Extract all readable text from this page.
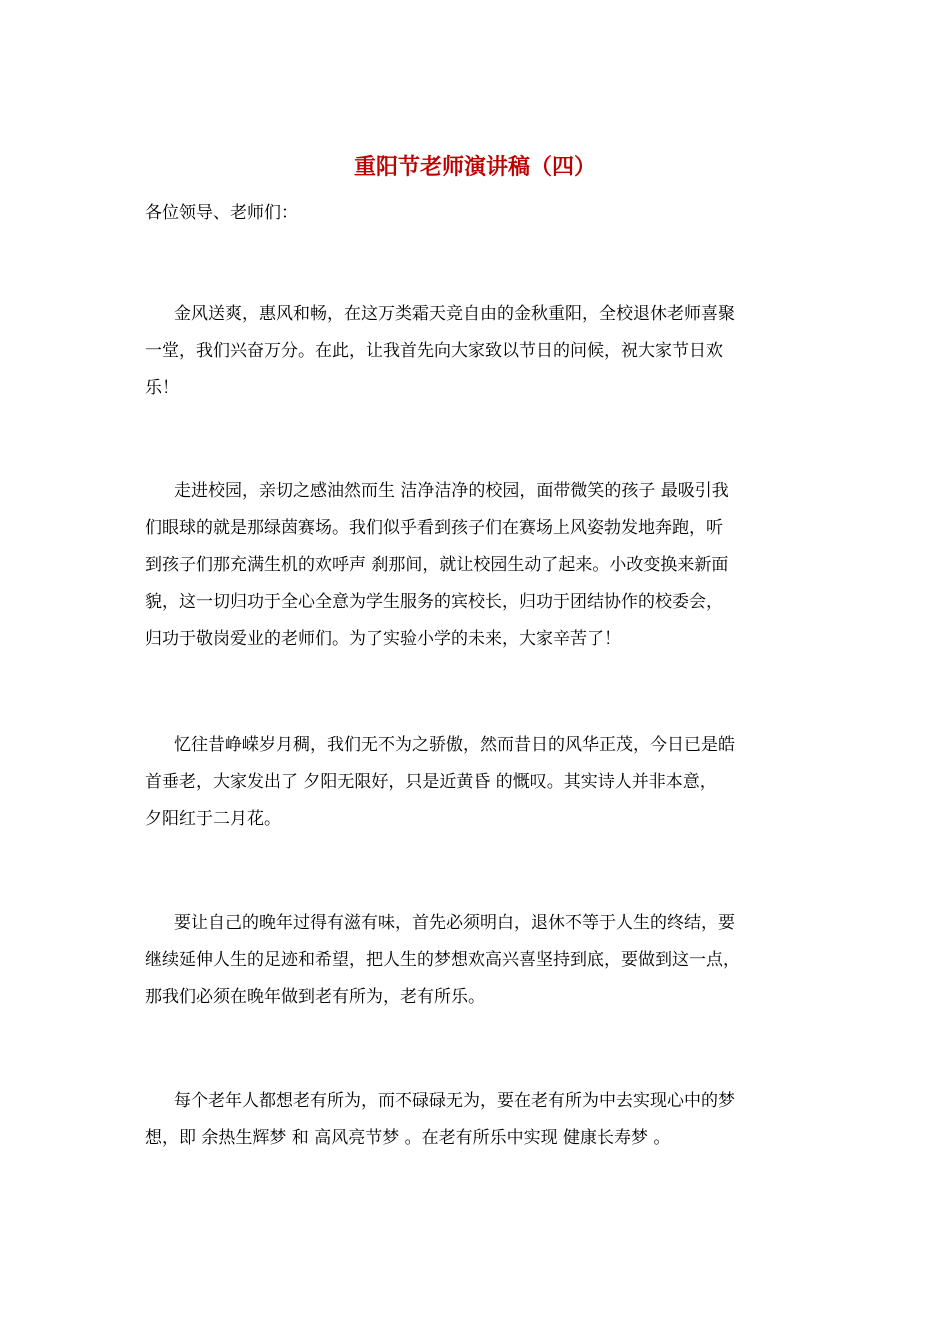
重阳节老师演讲稿（四）
各位领导、老师们：
金风送爽，惠风和畅，在这万类霜天竞自由的金秋重阳，全校退休老师喜聚
一堂，我们兴奋万分。在此，让我首先向大家致以节日的问候，祝大家节日欢
乐！
走进校园，亲切之感油然而生 洁净洁净的校园，面带微笑的孩子 最吸引我
们眼球的就是那绿茵赛场。我们似乎看到孩子们在赛场上风姿勃发地奔跑，听
到孩子们那充满生机的欢呼声 刹那间，就让校园生动了起来。小改变换来新面
貌，这一切归功于全心全意为学生服务的宾校长，归功于团结协作的校委会，
归功于敬岗爱业的老师们。为了实验小学的未来，大家辛苦了！
忆往昔峥嵘岁月稠，我们无不为之骄傲，然而昔日的风华正茂，今日已是皓
首垂老，大家发出了 夕阳无限好，只是近黄昏 的慨叹。其实诗人并非本意，
夕阳红于二月花。
要让自己的晚年过得有滋有味，首先必须明白，退休不等于人生的终结，要
继续延伸人生的足迹和希望，把人生的梦想欢高兴喜坚持到底，要做到这一点，
那我们必须在晚年做到老有所为，老有所乐。
每个老年人都想老有所为，而不碌碌无为，要在老有所为中去实现心中的梦
想，即 余热生辉梦 和 高风亮节梦 。在老有所乐中实现 健康长寿梦 。
